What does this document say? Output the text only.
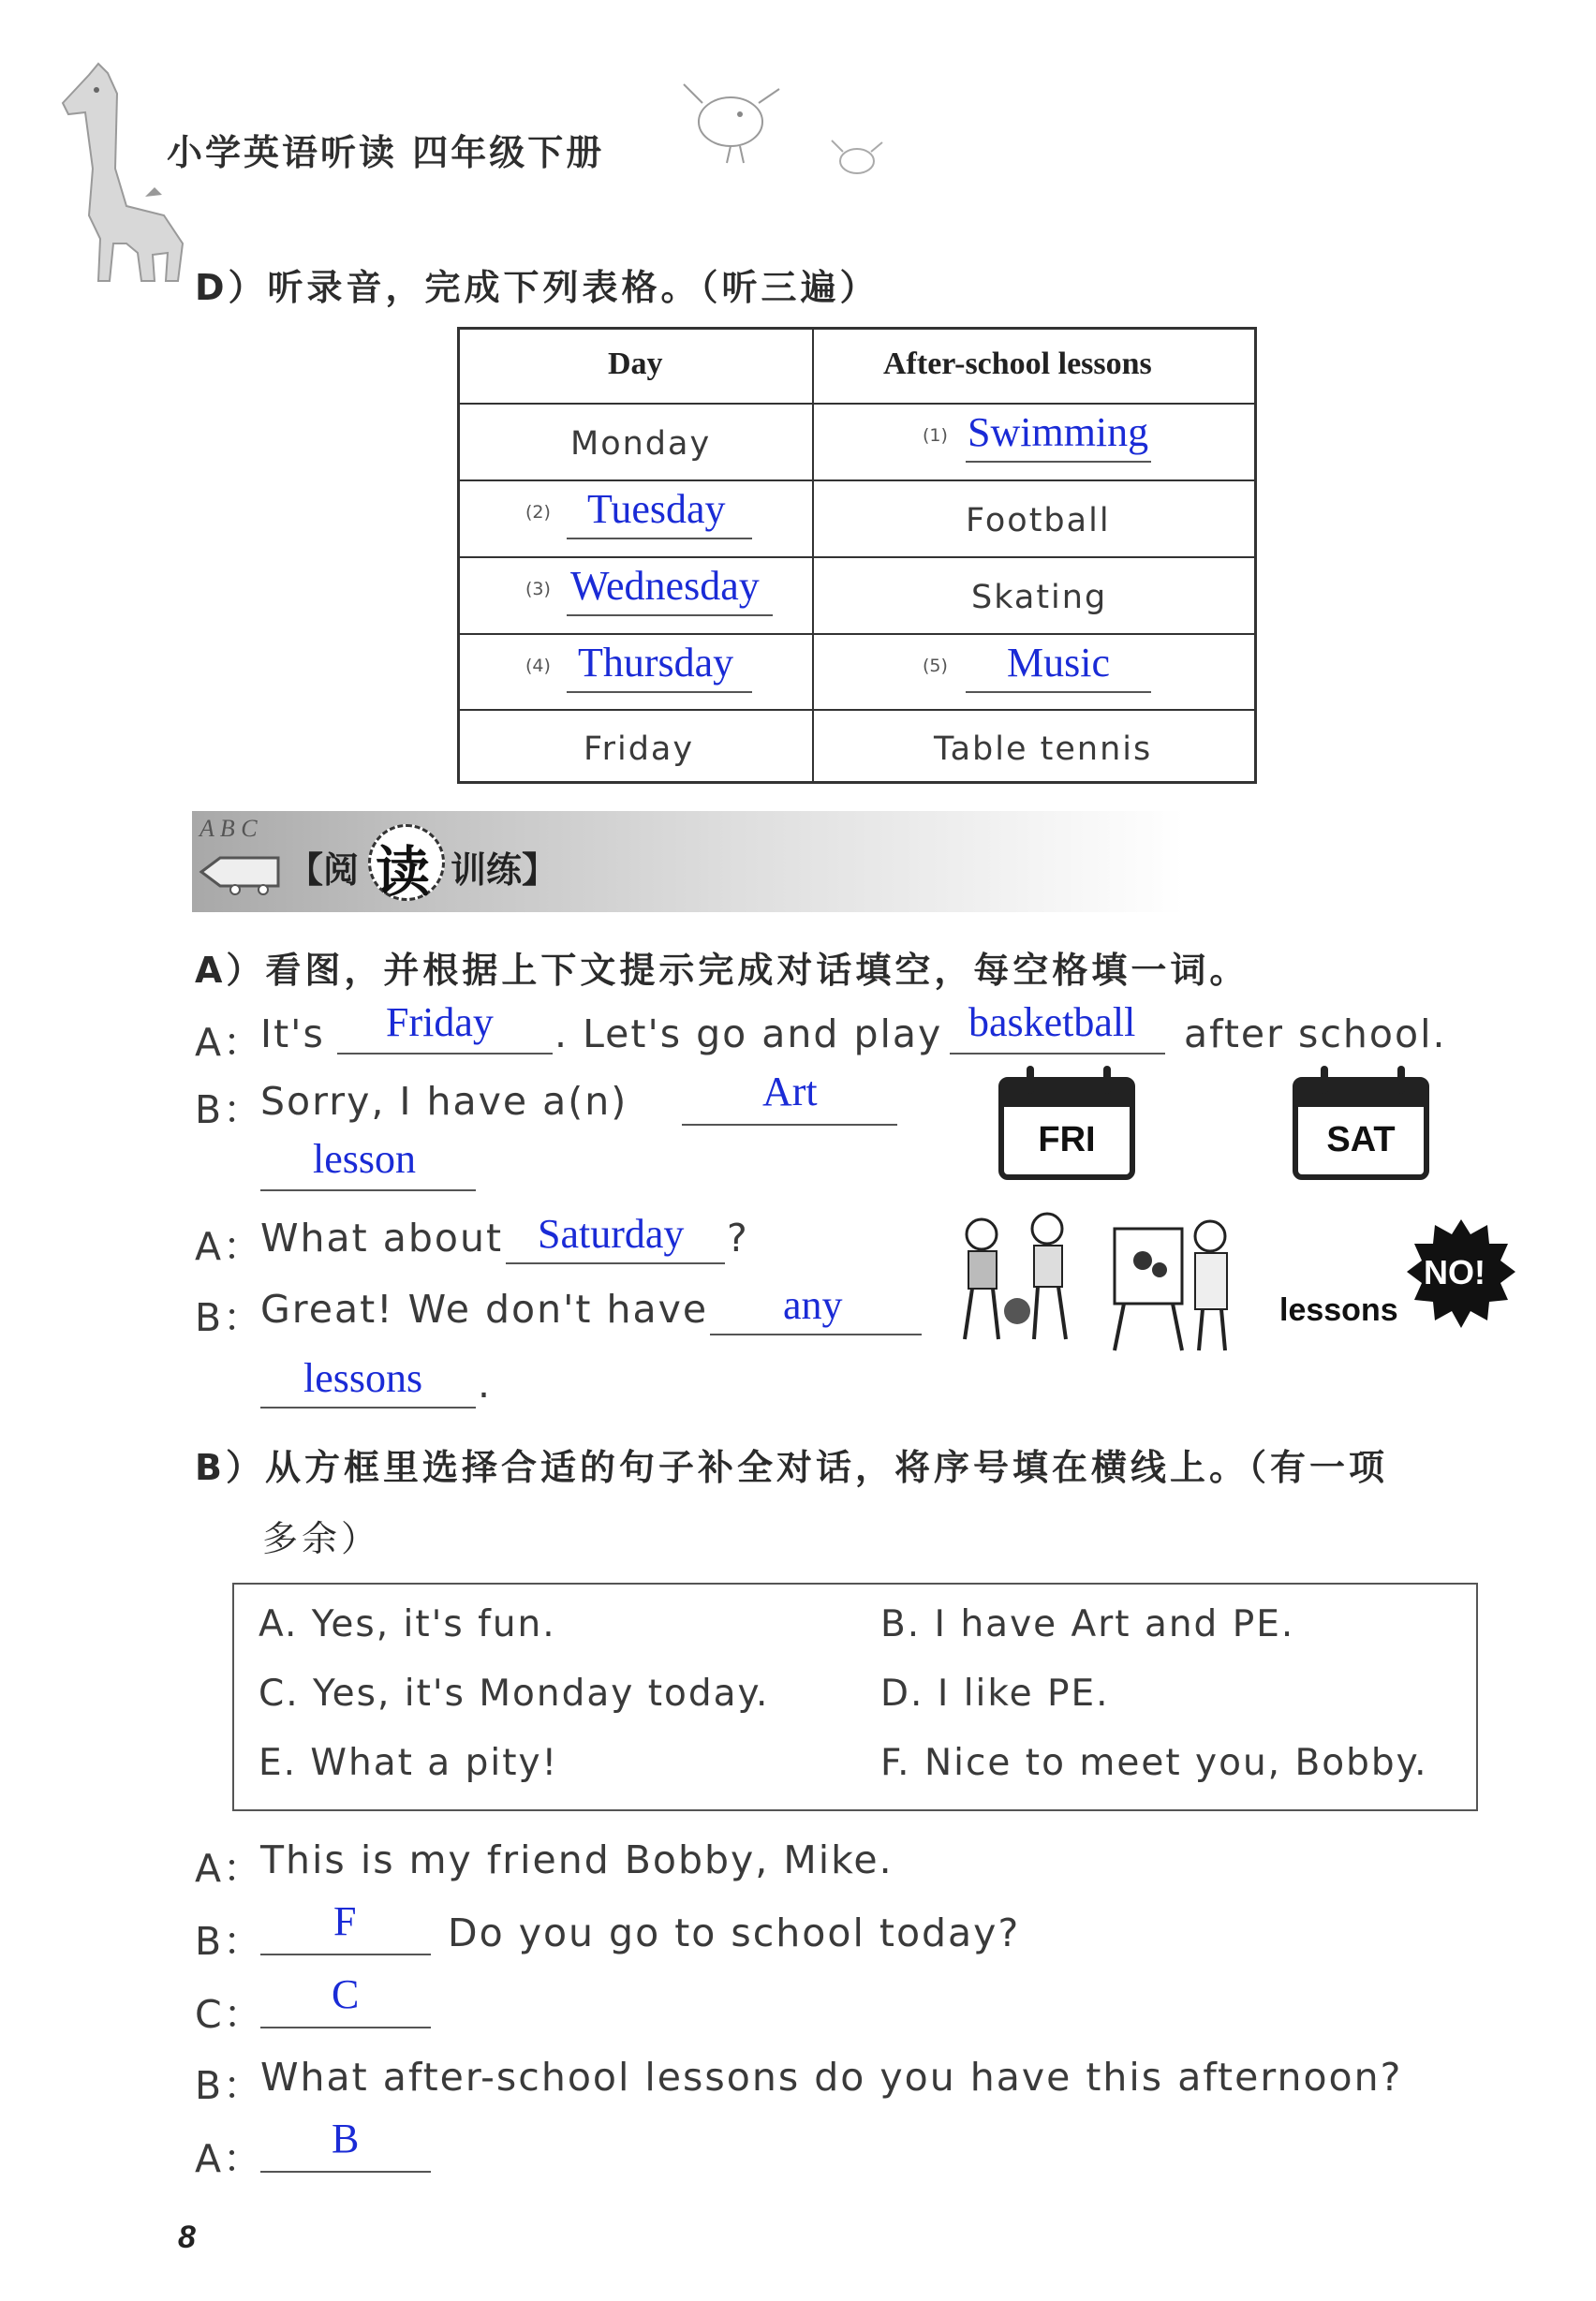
小学英语听读 四年级下册
D）听录音，完成下列表格。（听三遍）
Day	After-school lessons
Monday	(1) Swimming
(2) Tuesday	Football
(3) Wednesday	Skating
(4) Thursday	(5) Music
Friday	Table tennis
A B C
【阅 读 训练】
A）看图，并根据上下文提示完成对话填空，每空格填一词。
A：
It's Friday . Let's go and play basketball after school.
B：
Sorry, I have a(n)	Art
lesson
A：
What about Saturday ?
B：
Great! We don't have any
lessons .
FRI	SAT
lessons
NO!
B）从方框里选择合适的句子补全对话，将序号填在横线上。（有一项
多余）
A. Yes, it's fun.	B. I have Art and PE.
C. Yes, it's Monday today.	D. I like PE.
E. What a pity!	F. Nice to meet you, Bobby.
A：
This is my friend Bobby, Mike.
B： F Do you go to school today?
C： C
B：
What after-school lessons do you have this afternoon?
A： B
8
